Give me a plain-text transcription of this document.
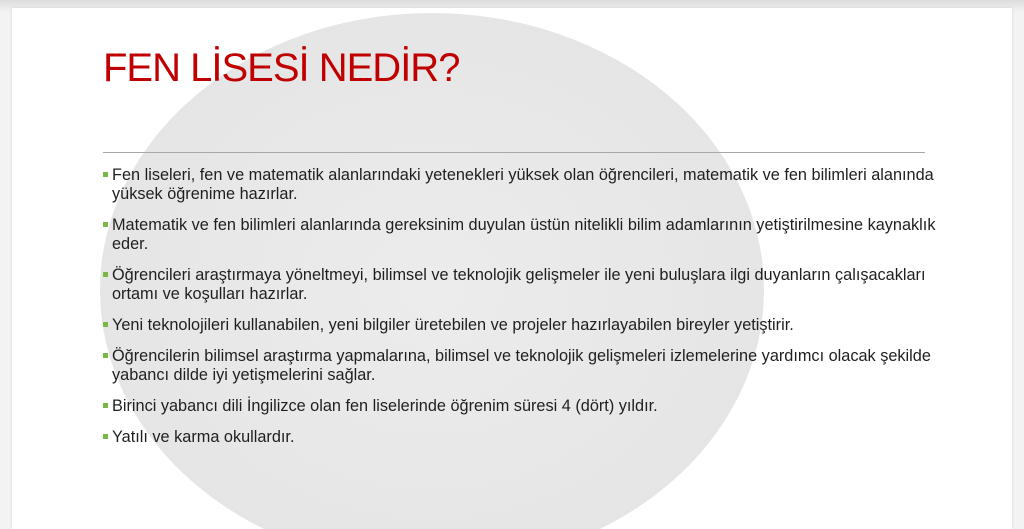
FEN LİSESİ NEDİR?
Fen liseleri, fen ve matematik alanlarındaki yetenekleri yüksek olan öğrencileri, matematik ve fen bilimleri alanında yüksek öğrenime hazırlar.
Matematik ve fen bilimleri alanlarında gereksinim duyulan üstün nitelikli bilim adamlarının yetiştirilmesine kaynaklık eder.
Öğrencileri araştırmaya yöneltmeyi, bilimsel ve teknolojik gelişmeler ile yeni buluşlara ilgi duyanların çalışacakları ortamı ve koşulları hazırlar.
Yeni teknolojileri kullanabilen, yeni bilgiler üretebilen ve projeler hazırlayabilen bireyler yetiştirir.
Öğrencilerin bilimsel araştırma yapmalarına, bilimsel ve teknolojik gelişmeleri izlemelerine yardımcı olacak şekilde yabancı dilde iyi yetişmelerini sağlar.
Birinci yabancı dili İngilizce olan fen liselerinde öğrenim süresi 4 (dört) yıldır.
Yatılı ve karma okullardır.
